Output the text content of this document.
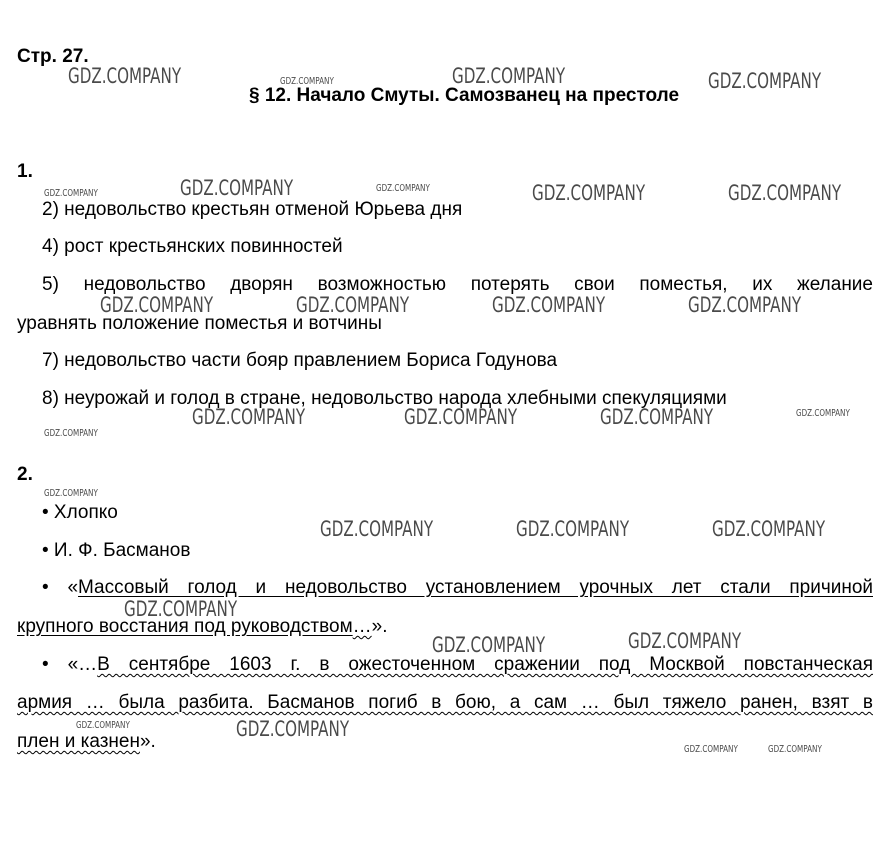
Стр. 27.
§ 12. Начало Смуты. Самозванец на престоле
1.
2) недовольство крестьян отменой Юрьева дня
4) рост крестьянских повинностей
5) недовольство дворян возможностью потерять свои поместья, их желание
уравнять положение поместья и вотчины
7) недовольство части бояр правлением Бориса Годунова
8) неурожай и голод в стране, недовольство народа хлебными спекуляциями
2.
• Хлопко
• И. Ф. Басманов
• «Массовый голод и недовольство установлением урочных лет стали причиной
крупного восстания под руководством…».
• «…В сентябре 1603 г. в ожесточенном сражении под Москвой повстанческая
армия … была разбита. Басманов погиб в бою, а сам … был тяжело ранен, взят в
плен и казнен».
GDZ.COMPANY	GDZ.COMPANY	GDZ.COMPANY	GDZ.COMPANY
GDZ.COMPANY	GDZ.COMPANY	GDZ.COMPANY	GDZ.COMPANY	GDZ.COMPANY
GDZ.COMPANY	GDZ.COMPANY	GDZ.COMPANY	GDZ.COMPANY
GDZ.COMPANY	GDZ.COMPANY	GDZ.COMPANY	GDZ.COMPANY
GDZ.COMPANY
GDZ.COMPANY
GDZ.COMPANY	GDZ.COMPANY	GDZ.COMPANY
GDZ.COMPANY
GDZ.COMPANY	GDZ.COMPANY
GDZ.COMPANY	GDZ.COMPANY
GDZ.COMPANY	GDZ.COMPANY
